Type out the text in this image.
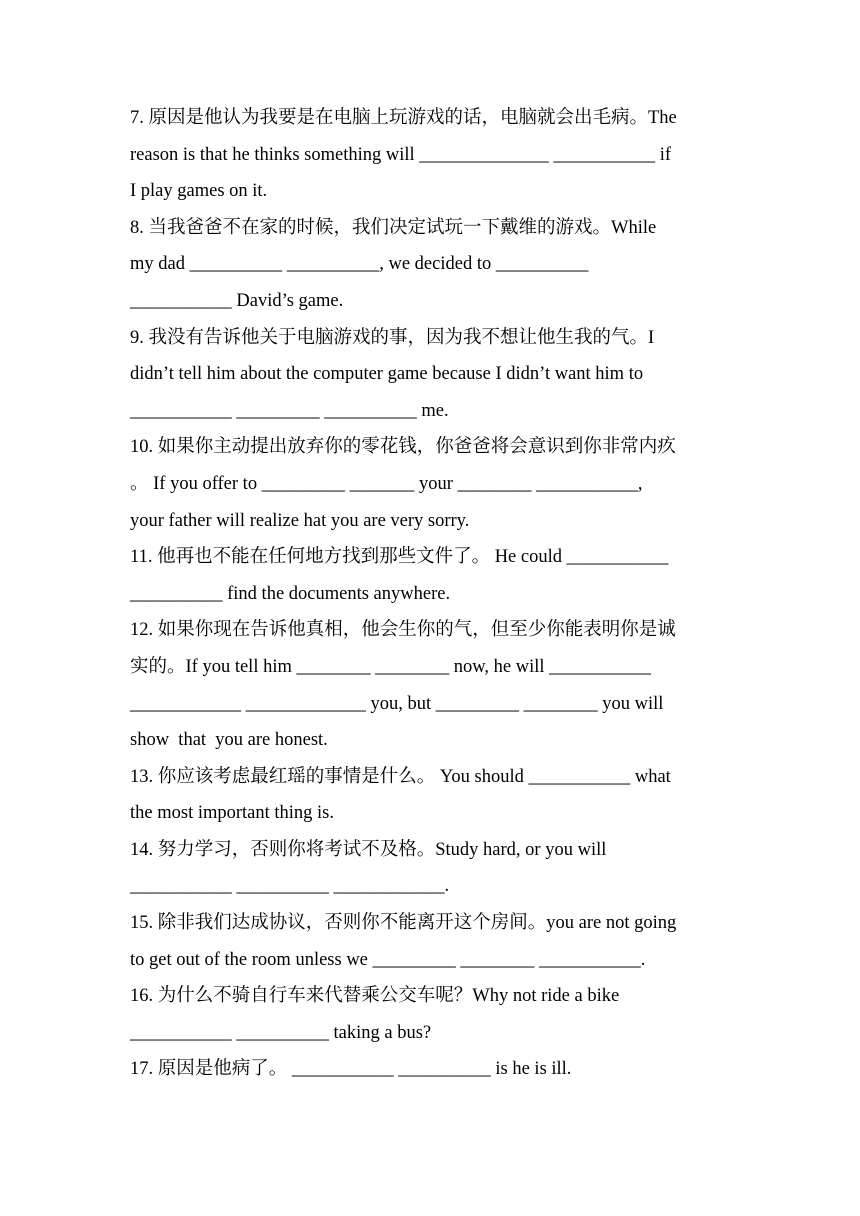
7. 原因是他认为我要是在电脑上玩游戏的话，电脑就会出毛病。The
reason is that he thinks something will ______________ ___________ if
I play games on it.
8. 当我爸爸不在家的时候，我们决定试玩一下戴维的游戏。While
my dad __________ __________, we decided to __________
___________ David’s game.
9. 我没有告诉他关于电脑游戏的事，因为我不想让他生我的气。I
didn’t tell him about the computer game because I didn’t want him to
___________ _________ __________ me.
10. 如果你主动提出放弃你的零花钱，你爸爸将会意识到你非常内疚
。 If you offer to _________ _______ your ________ ___________,
your father will realize hat you are very sorry.
11. 他再也不能在任何地方找到那些文件了。 He could ___________
__________ find the documents anywhere.
12. 如果你现在告诉他真相，他会生你的气，但至少你能表明你是诚
实的。If you tell him ________ ________ now, he will ___________
____________ _____________ you, but _________ ________ you will
show  that  you are honest.
13. 你应该考虑最红瑶的事情是什么。 You should ___________ what
the most important thing is.
14. 努力学习，否则你将考试不及格。Study hard, or you will
___________ __________ ____________.
15. 除非我们达成协议，否则你不能离开这个房间。you are not going
to get out of the room unless we _________ ________ ___________.
16. 为什么不骑自行车来代替乘公交车呢？Why not ride a bike
___________ __________ taking a bus?
17. 原因是他病了。 ___________ __________ is he is ill.
